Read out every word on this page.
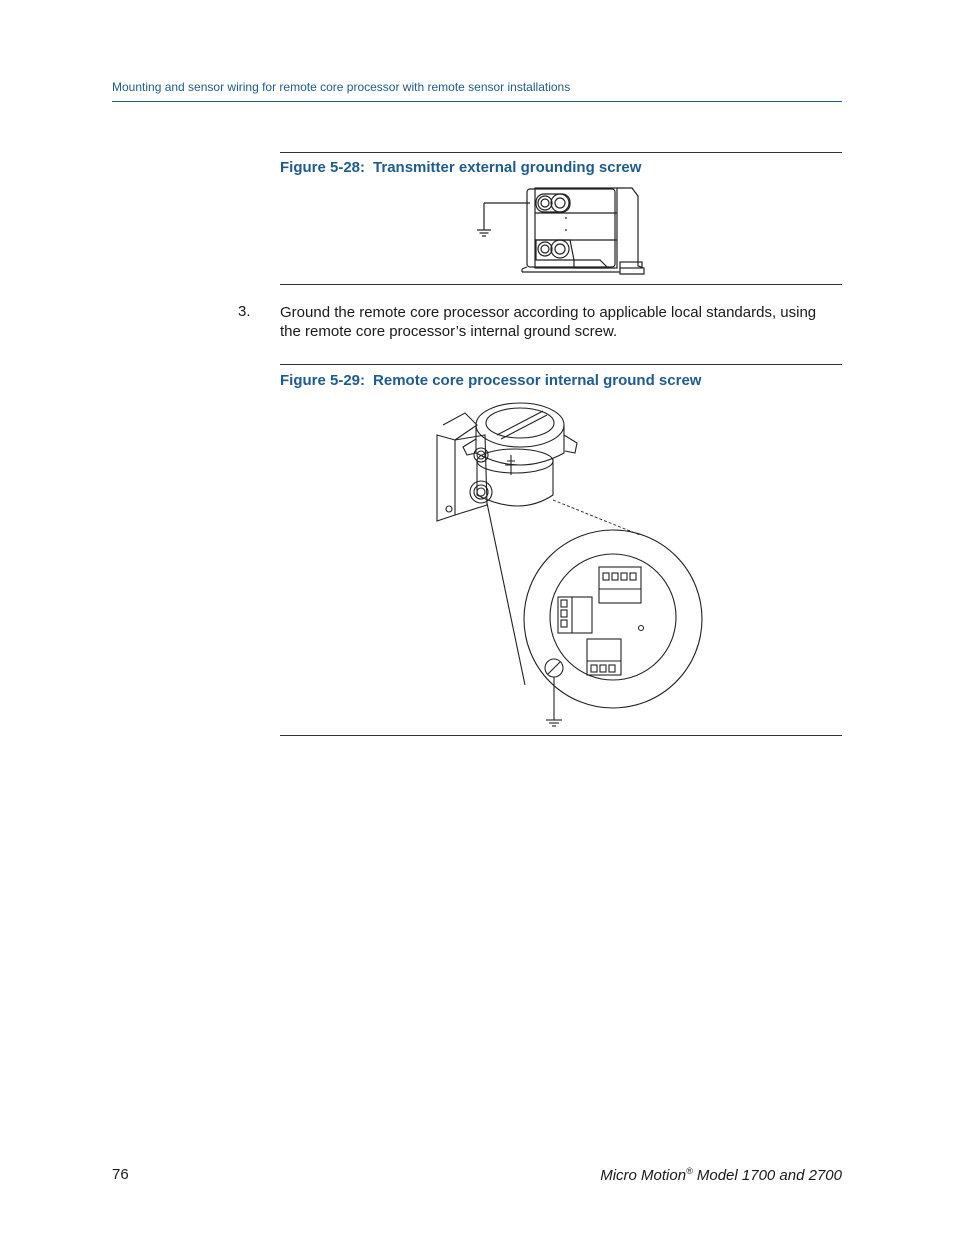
Mounting and sensor wiring for remote core processor with remote sensor installations
Figure 5-28: Transmitter external grounding screw
3. Ground the remote core processor according to applicable local standards, using the remote core processor’s internal ground screw.
Figure 5-29: Remote core processor internal ground screw
76	Micro Motion® Model 1700 and 2700
